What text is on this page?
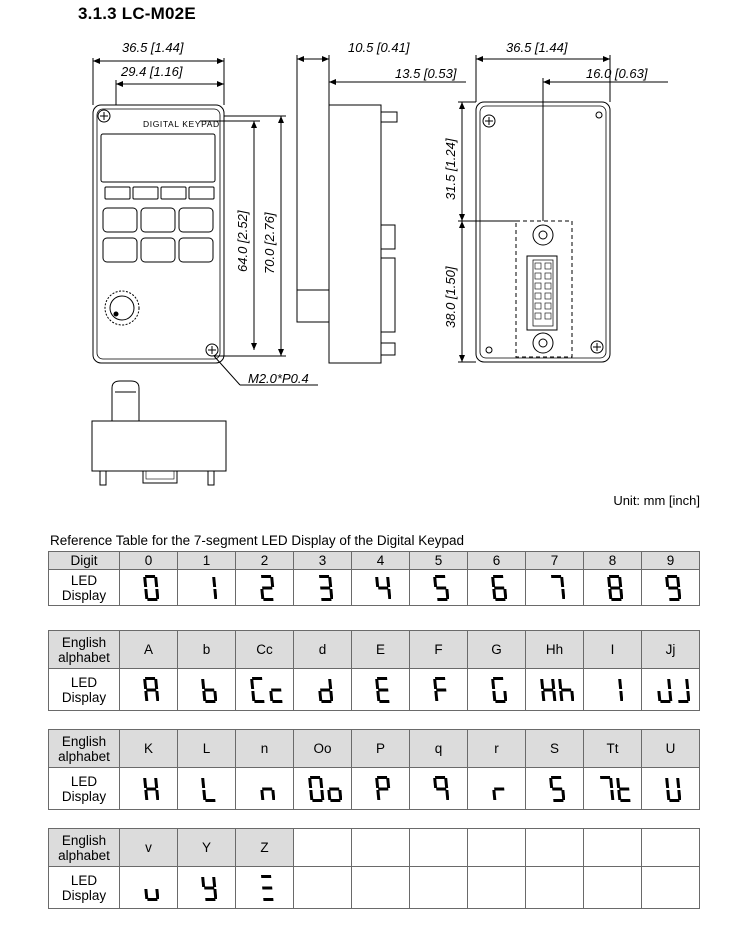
3.1.3 LC-M02E
36.5 [1.44]
29.4 [1.16]
64.0 [2.52] 70.0 [2.76]
10.5 [0.41]
13.5 [0.53]
36.5 [1.44]
16.0 [0.63]
31.5 [1.24]
38.0 [1.50]
M2.0*P0.4
DIGITAL KEYPAD
Unit: mm [inch]
Reference Table for the 7-segment LED Display of the Digital Keypad
Digit	0	1	2	3	4	5	6	7	8	9
LED Display	

English alphabet	A	b	Cc	d	E	F	G	Hh	I	Jj
LED Display	

English alphabet	K	L	n	Oo	P	q	r	S	Tt	U
LED Display	

English alphabet	v	Y	Z							
LED Display	
